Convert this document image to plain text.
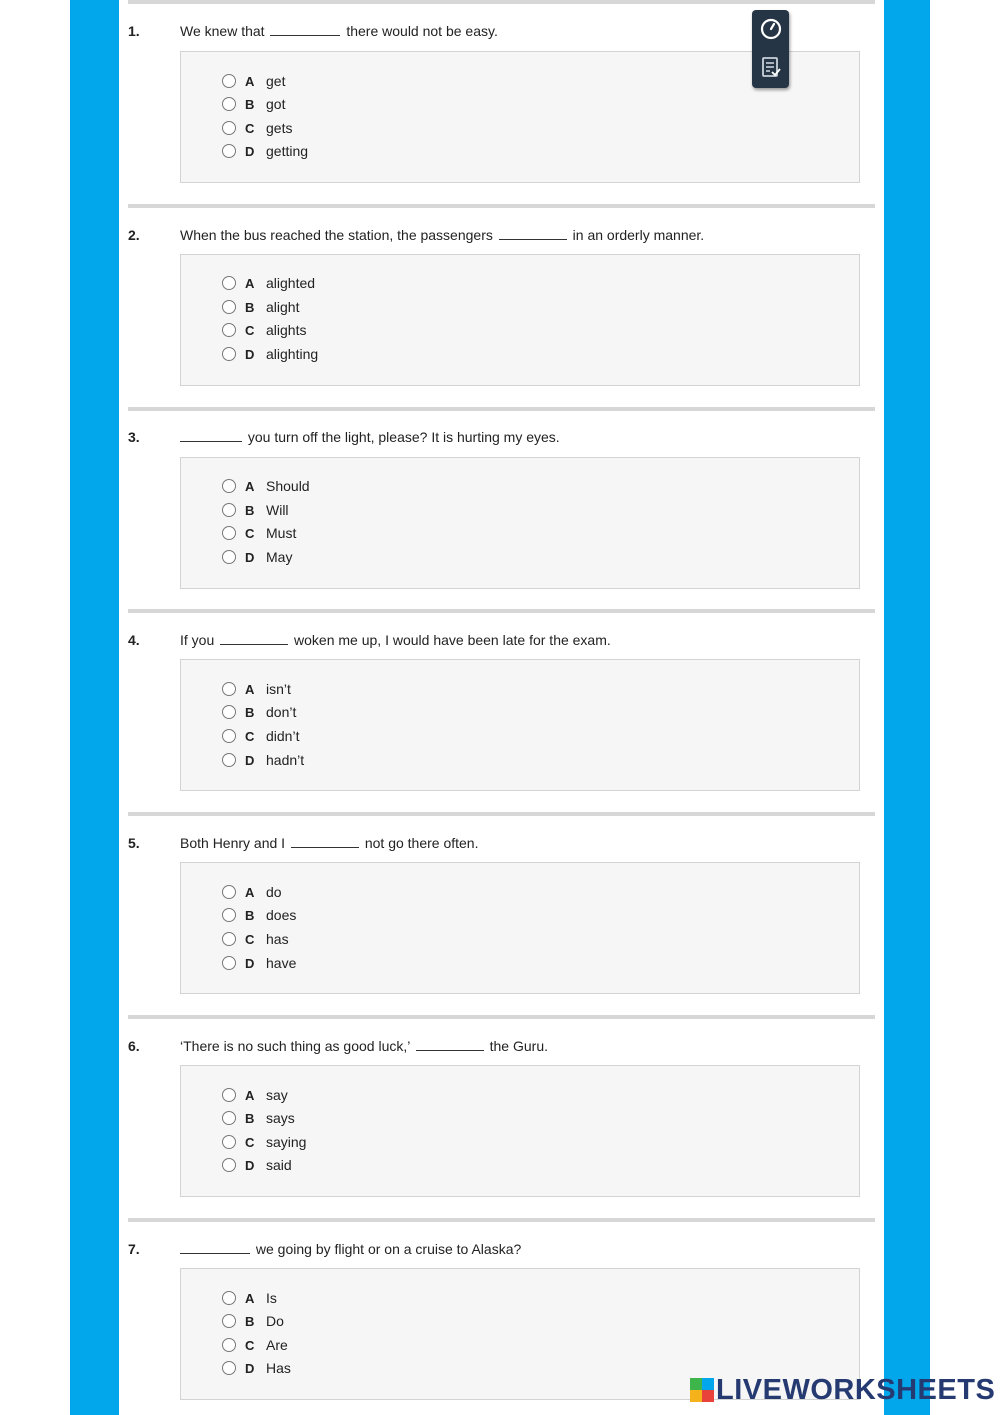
1.	We knew that	there would not be easy.
A get
B got
C gets
D getting
2.	When the bus reached the station, the passengers	in an orderly manner.
A alighted
B alight
C alights
D alighting
3.	you turn off the light, please? It is hurting my eyes.
A Should
B Will
C Must
D May
4.	If you	woken me up, I would have been late for the exam.
A isn’t
B don’t
C didn’t
D hadn’t
5.	Both Henry and I	not go there often.
A do
B does
C has
D have
6.	‘There is no such thing as good luck,’	the Guru.
A say
B says
C saying
D said
7.	we going by flight or on a cruise to Alaska?
A Is
B Do
C Are
D Has
LIVEWORKSHEETS
